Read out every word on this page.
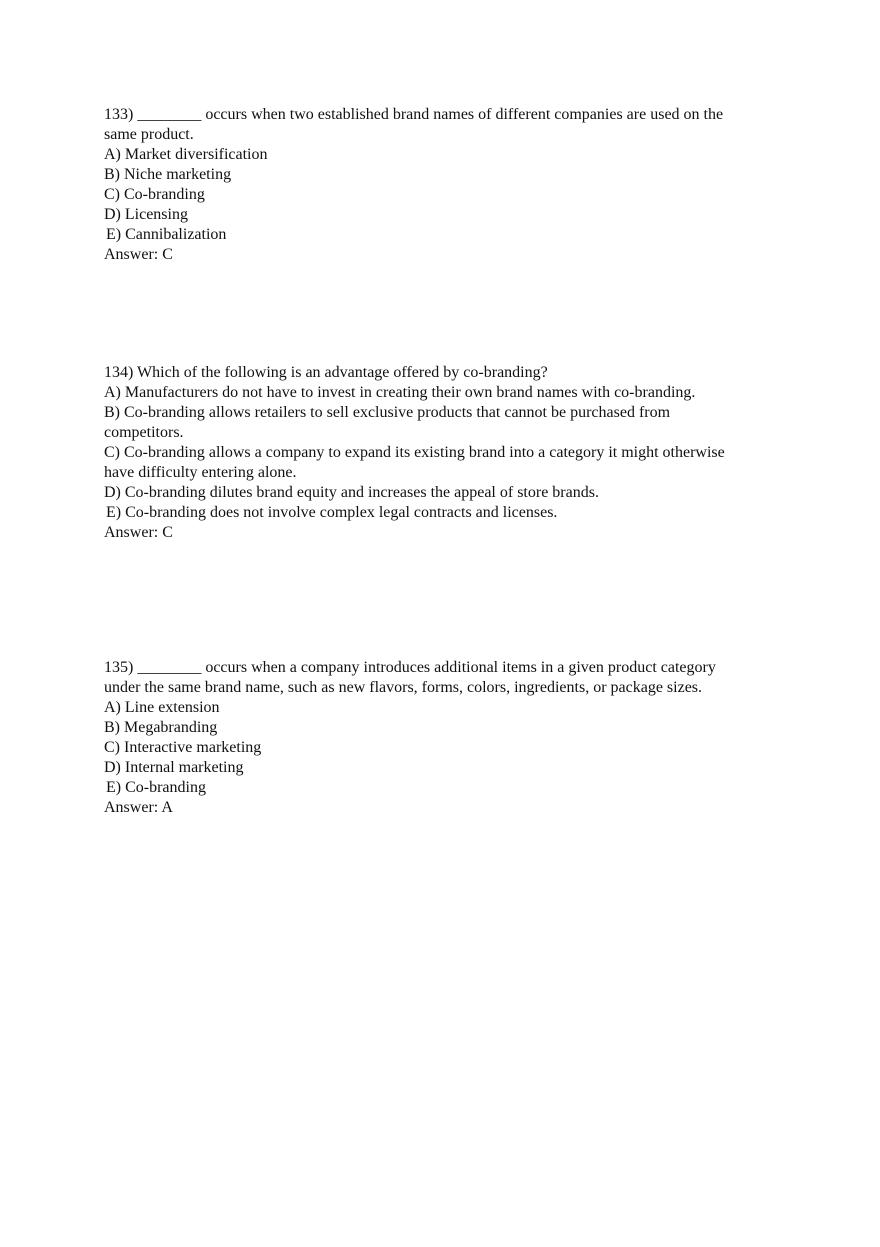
133) ________ occurs when two established brand names of different companies are used on the

same product.

A) Market diversification

B) Niche marketing

C) Co-branding

D) Licensing

E) Cannibalization

Answer: C

134) Which of the following is an advantage offered by co-branding?

A) Manufacturers do not have to invest in creating their own brand names with co-branding.

B) Co-branding allows retailers to sell exclusive products that cannot be purchased from

competitors.

C) Co-branding allows a company to expand its existing brand into a category it might otherwise

have difficulty entering alone.

D) Co-branding dilutes brand equity and increases the appeal of store brands.

E) Co-branding does not involve complex legal contracts and licenses.

Answer: C

135) ________ occurs when a company introduces additional items in a given product category

under the same brand name, such as new flavors, forms, colors, ingredients, or package sizes.

A) Line extension

B) Megabranding

C) Interactive marketing

D) Internal marketing

E) Co-branding

Answer: A
